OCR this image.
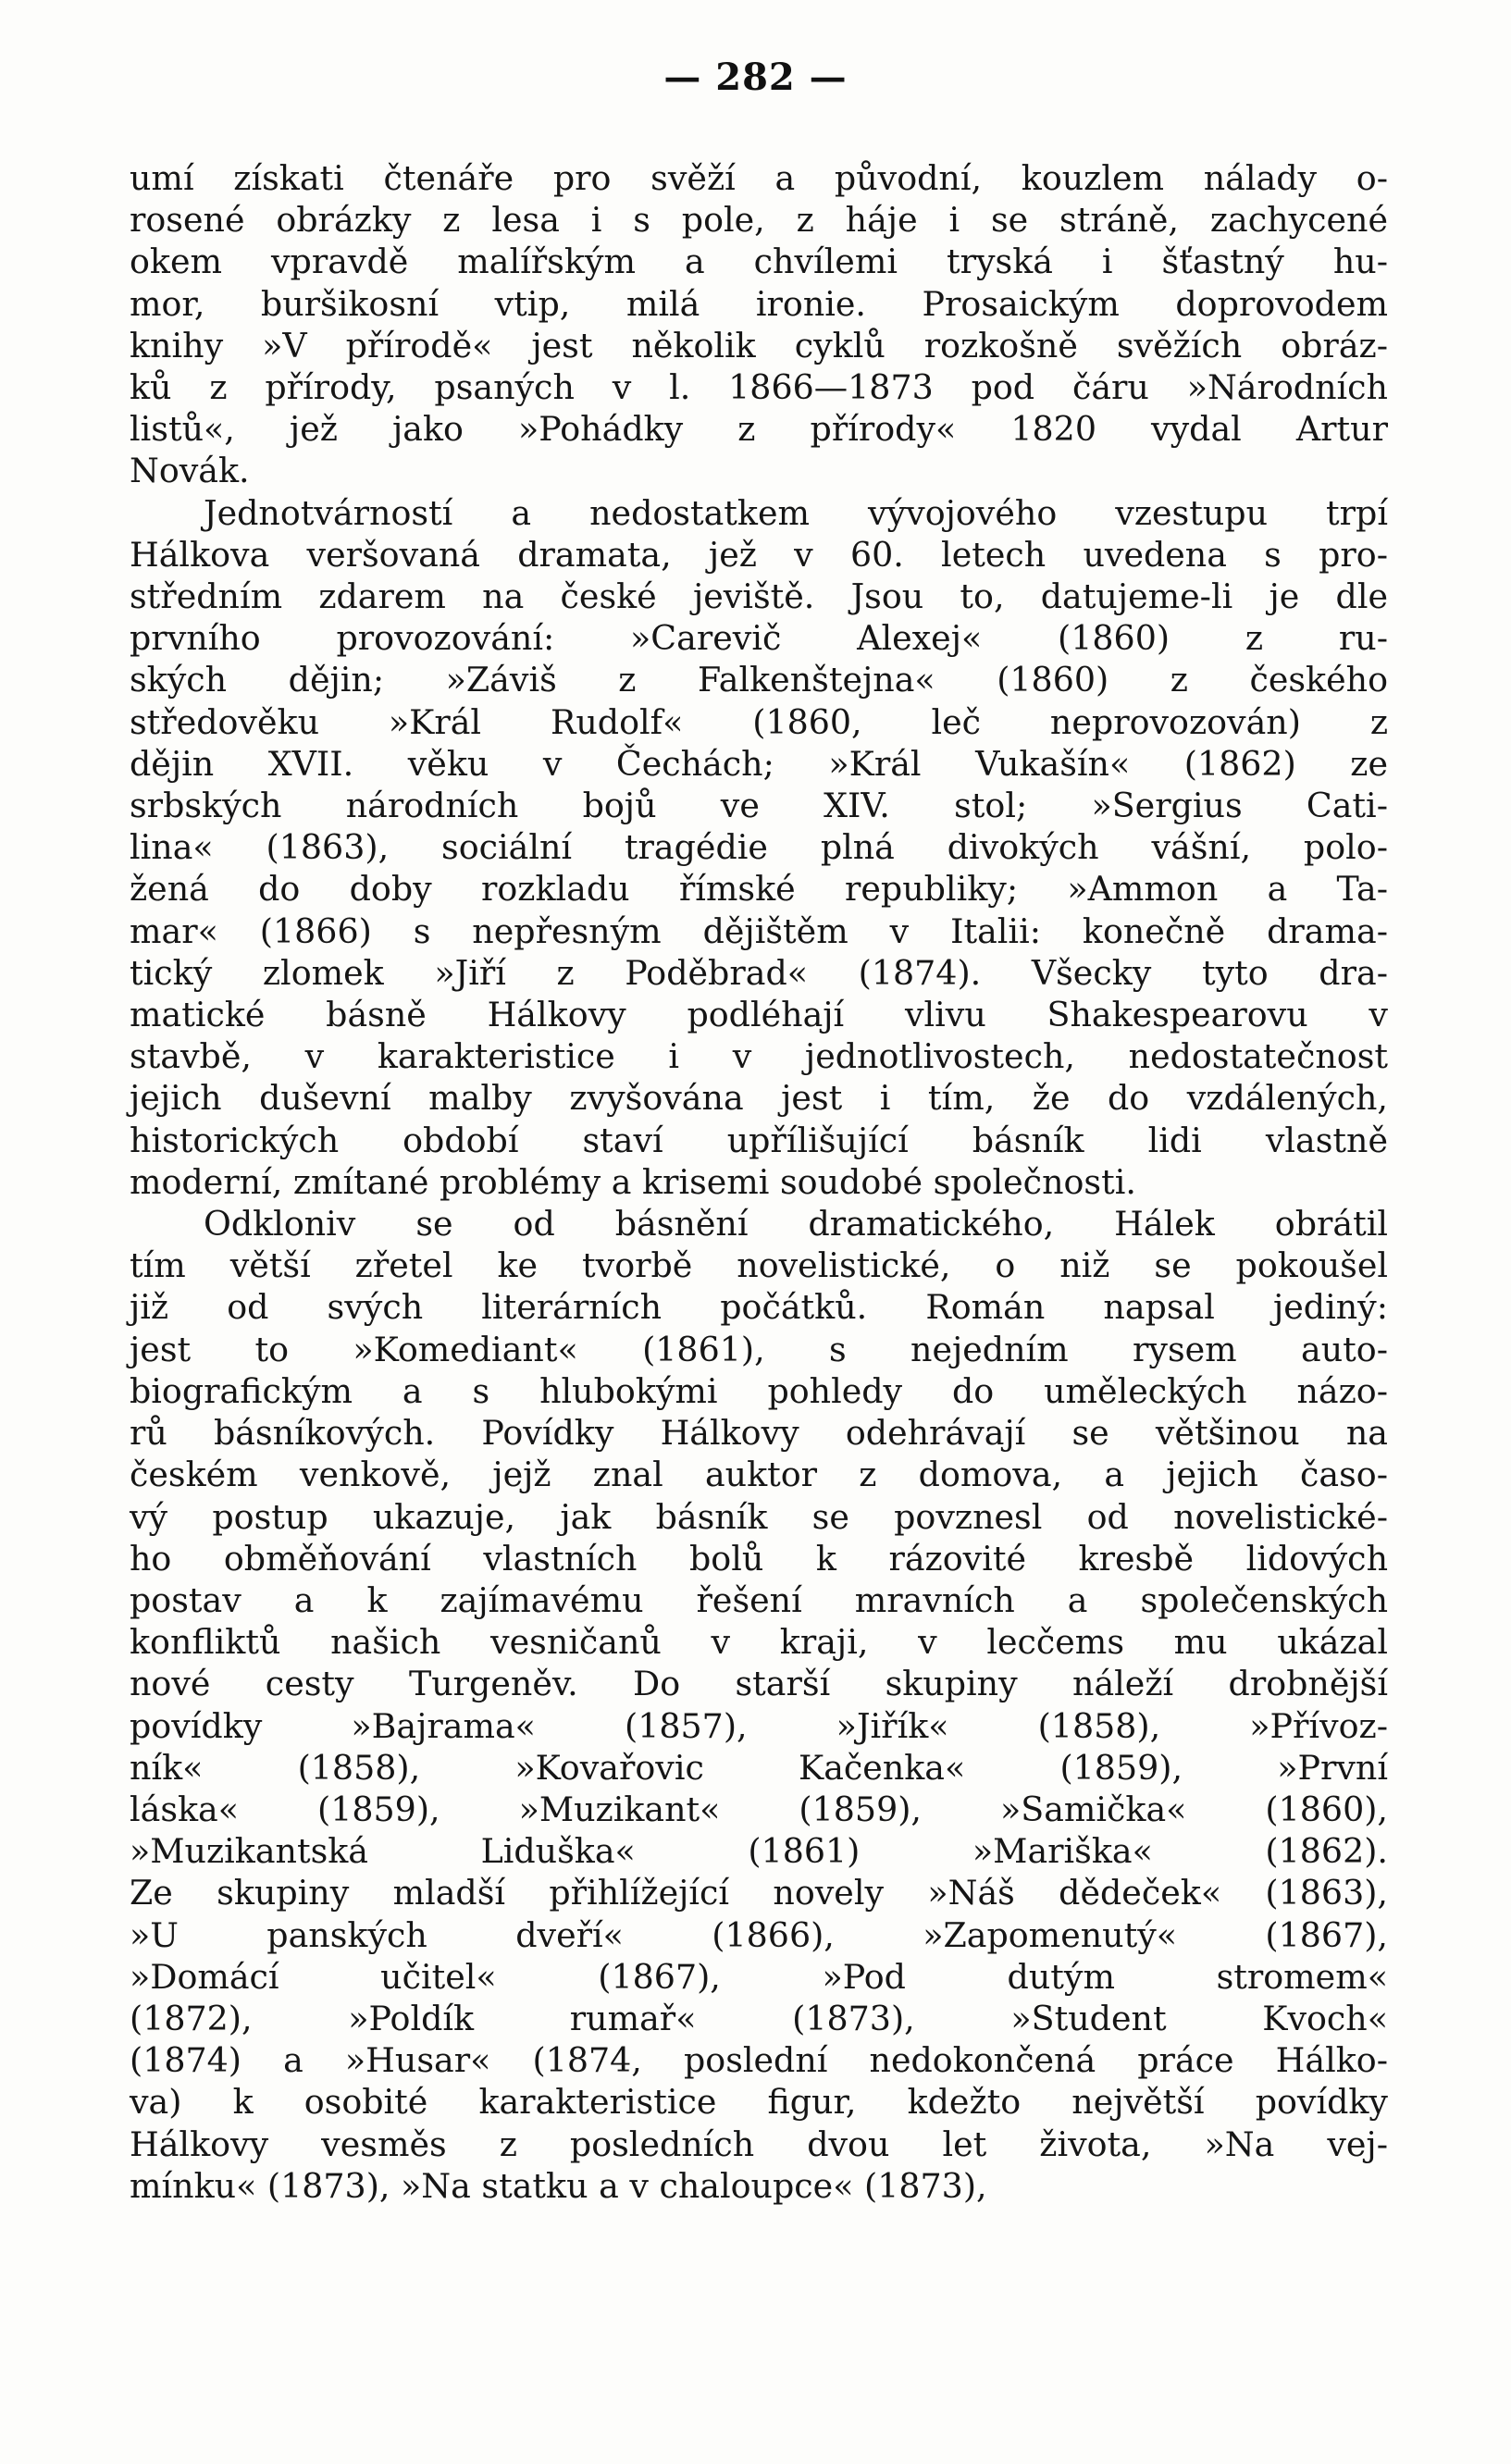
— 282 —

umí získati čtenáře pro svěží a původní, kouzlem nálady o-
rosené obrázky z lesa i s pole, z háje i se stráně, zachycené
okem vpravdě malířským a chvílemi tryská i šťastný hu-
mor, buršikosní vtip, milá ironie. Prosaickým doprovodem
knihy »V přírodě« jest několik cyklů rozkošně svěžích obráz-
ků z přírody, psaných v l. 1866—1873 pod čáru »Národních
listů«, jež jako »Pohádky z přírody« 1820 vydal Artur
Novák.

Jednotvárností a nedostatkem vývojového vzestupu trpí
Hálkova veršovaná dramata, jež v 60. letech uvedena s pro-
středním zdarem na české jeviště. Jsou to, datujeme-li je dle
prvního provozování: »Carevič Alexej« (1860) z ru-
ských dějin; »Záviš z Falkenštejna« (1860) z českého
středověku »Král Rudolf« (1860, leč neprovozován) z
dějin XVII. věku v Čechách; »Král Vukašín« (1862) ze
srbských národních bojů ve XIV. stol; »Sergius Cati-
lina« (1863), sociální tragédie plná divokých vášní, polo-
žená do doby rozkladu římské republiky; »Ammon a Ta-
mar« (1866) s nepřesným dějištěm v Italii: konečně drama-
tický zlomek »Jiří z Poděbrad« (1874). Všecky tyto dra-
matické básně Hálkovy podléhají vlivu Shakespearovu v
stavbě, v karakteristice i v jednotlivostech, nedostatečnost
jejich duševní malby zvyšována jest i tím, že do vzdálených,
historických období staví upřílišující básník lidi vlastně
moderní, zmítané problémy a krisemi soudobé společnosti.

Odkloniv se od básnění dramatického, Hálek obrátil
tím větší zřetel ke tvorbě novelistické, o niž se pokoušel
již od svých literárních počátků. Román napsal jediný:
jest to »Komediant« (1861), s nejedním rysem auto-
biografickým a s hlubokými pohledy do uměleckých názo-
rů básníkových. Povídky Hálkovy odehrávají se většinou na
českém venkově, jejž znal auktor z domova, a jejich časo-
vý postup ukazuje, jak básník se povznesl od novelistické-
ho obměňování vlastních bolů k rázovité kresbě lidových
postav a k zajímavému řešení mravních a společenských
konfliktů našich vesničanů v kraji, v lecčems mu ukázal
nové cesty Turgeněv. Do starší skupiny náleží drobnější
povídky »Bajrama« (1857), »Jiřík« (1858), »Přívoz-
ník« (1858), »Kovařovic Kačenka« (1859), »První
láska« (1859), »Muzikant« (1859), »Samička« (1860),
»Muzikantská Liduška« (1861) »Mariška« (1862).
Ze skupiny mladší přihlížející novely »Náš dědeček« (1863),
»U panských dveří« (1866), »Zapomenutý« (1867),
»Domácí učitel« (1867), »Pod dutým stromem«
(1872), »Poldík rumař« (1873), »Student Kvoch«
(1874) a »Husar« (1874, poslední nedokončená práce Hálko-
va) k osobité karakteristice figur, kdežto největší povídky
Hálkovy vesměs z posledních dvou let života, »Na vej-
mínku« (1873), »Na statku a v chaloupce« (1873),
